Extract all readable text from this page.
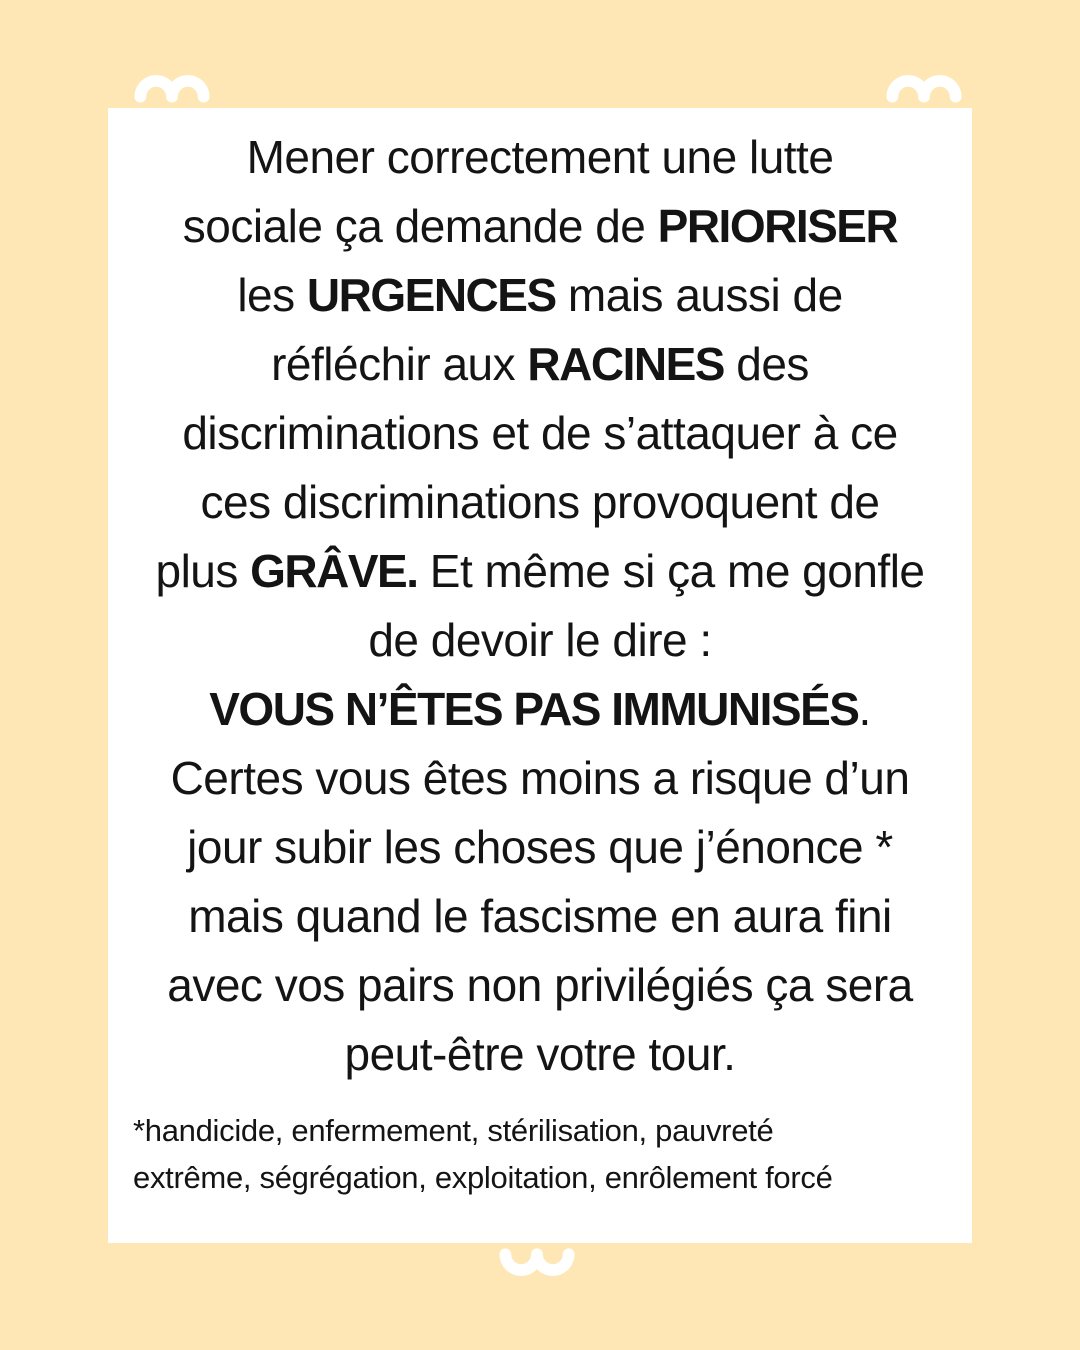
Mener correctement une lutte
sociale ça demande de PRIORISER
les URGENCES mais aussi de
réfléchir aux RACINES des
discriminations et de s’attaquer à ce
ces discriminations provoquent de
plus GRÂVE. Et même si ça me gonfle
de devoir le dire :
VOUS N’ÊTES PAS IMMUNISÉS.
Certes vous êtes moins a risque d’un
jour subir les choses que j’énonce *
mais quand le fascisme en aura fini
avec vos pairs non privilégiés ça sera
peut-être votre tour.
*handicide, enfermement, stérilisation, pauvreté
extrême, ségrégation, exploitation, enrôlement forcé
